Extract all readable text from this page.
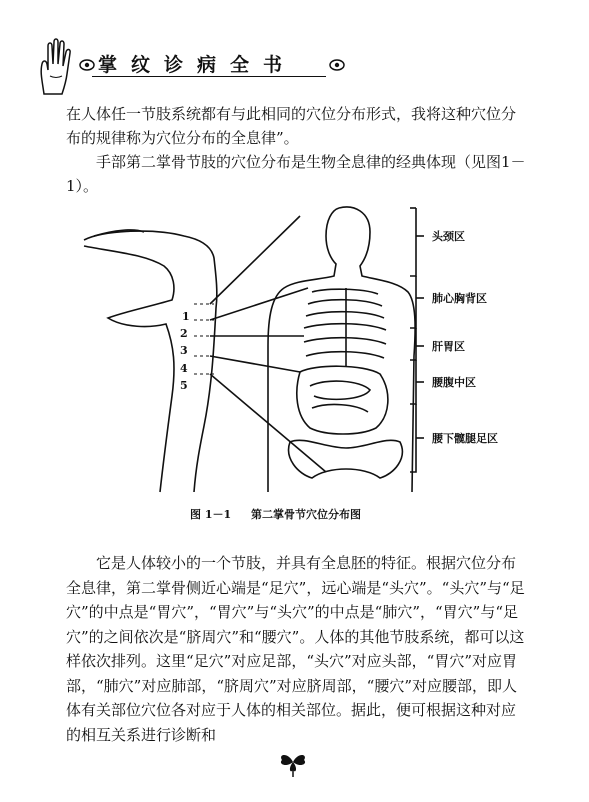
掌纹诊病全书
在人体任一节肢系统都有与此相同的穴位分布形式，我将这种穴位分布的规律称为穴位分布的全息律”。
手部第二掌骨节肢的穴位分布是生物全息律的经典体现（见图1－1）。
1
2
3
4
5
头颈区
肺心胸背区
肝胃区
腰腹中区
腰下髋腿足区
图 1－1 第二掌骨节穴位分布图
它是人体较小的一个节肢，并具有全息胚的特征。根据穴位分布全息律，第二掌骨侧近心端是“足穴”，远心端是“头穴”。“头穴”与“足穴”的中点是“胃穴”，“胃穴”与“头穴”的中点是“肺穴”，“胃穴”与“足穴”的之间依次是“脐周穴”和“腰穴”。人体的其他节肢系统，都可以这样依次排列。这里“足穴”对应足部，“头穴”对应头部，“胃穴”对应胃部，“肺穴”对应肺部，“脐周穴”对应脐周部，“腰穴”对应腰部，即人体有关部位穴位各对应于人体的相关部位。据此，便可根据这种对应的相互关系进行诊断和
